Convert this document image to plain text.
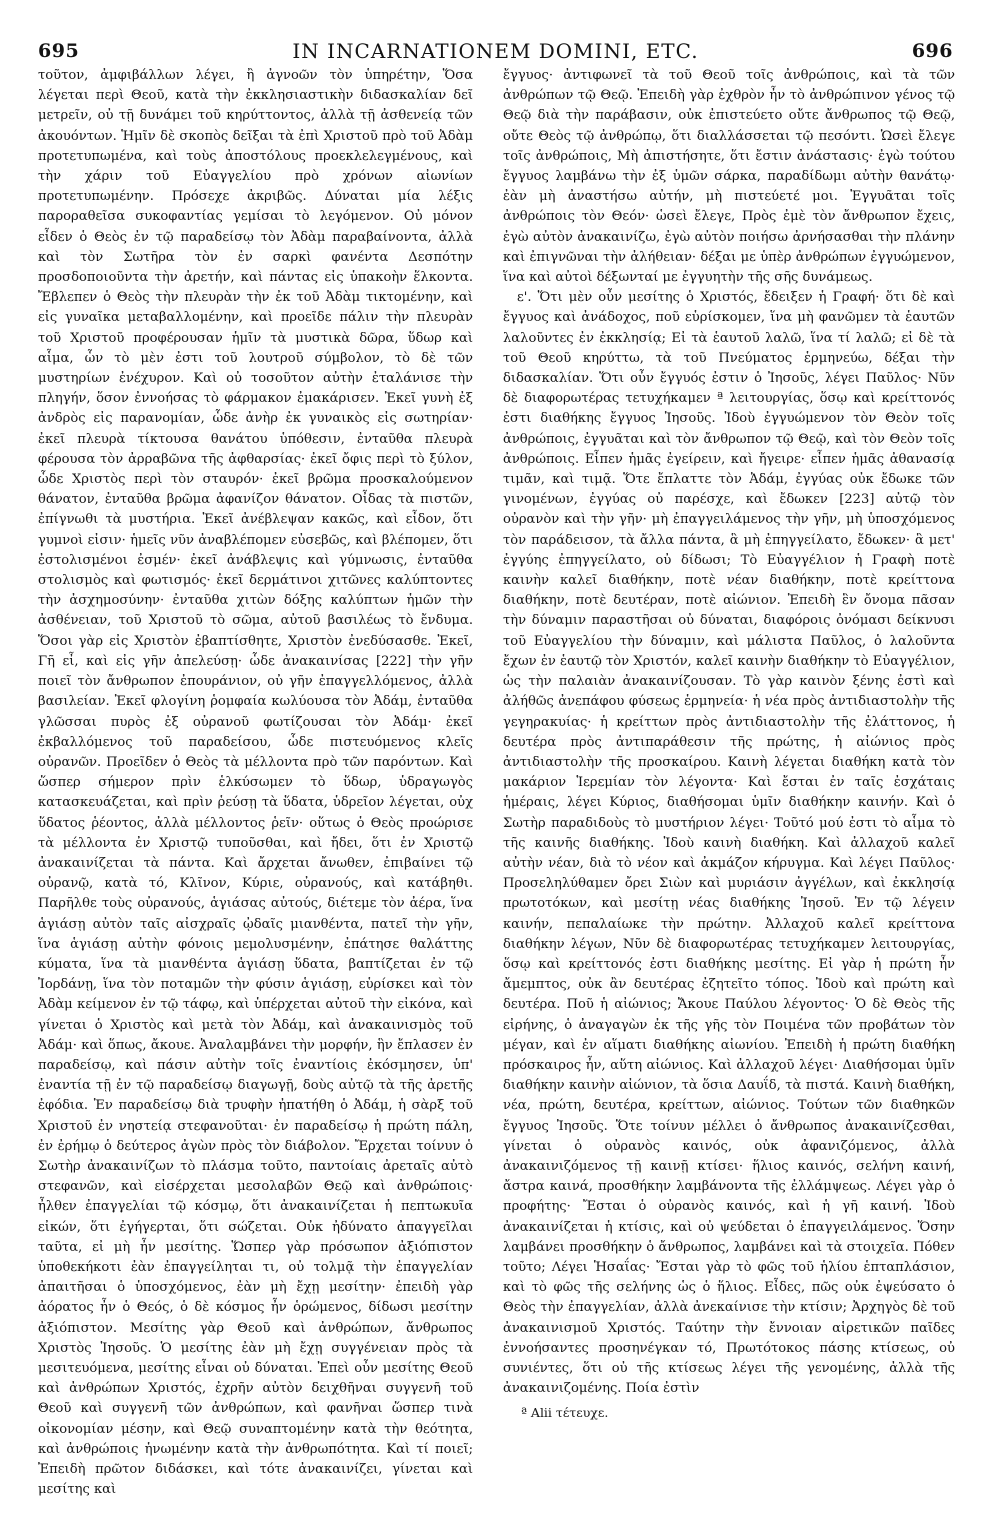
695	IN INCARNATIONEM DOMINI, ETC.	696

τοῦτον, ἀμφιβάλλων λέγει, ἢ ἀγνοῶν τὸν ὑπηρέτην, Ὅσα λέγεται περὶ Θεοῦ, κατὰ τὴν ἐκκλησιαστικὴν διδασκαλίαν δεῖ μετρεῖν, οὐ τῇ δυνάμει τοῦ κηρύττοντος, ἀλλὰ τῇ ἀσθενείᾳ τῶν ἀκουόντων. Ἡμῖν δὲ σκοπὸς δεῖξαι τὰ ἐπὶ Χριστοῦ πρὸ τοῦ Ἀδὰμ προτετυπωμένα, καὶ τοὺς ἀποστόλους προεκλελεγμένους, καὶ τὴν χάριν τοῦ Εὐαγγελίου πρὸ χρόνων αἰωνίων προτετυπωμένην. Πρόσεχε ἀκριβῶς. Δύναται μία λέξις παροραθεῖσα συκοφαντίας γεμίσαι τὸ λεγόμενον. Οὐ μόνον εἶδεν ὁ Θεὸς ἐν τῷ παραδείσῳ τὸν Ἀδὰμ παραβαίνοντα, ἀλλὰ καὶ τὸν Σωτῆρα τὸν ἐν σαρκὶ φανέντα Δεσπότην προσδοποιοῦντα τὴν ἀρετήν, καὶ πάντας εἰς ὑπακοὴν ἕλκοντα. Ἔβλεπεν ὁ Θεὸς τὴν πλευρὰν τὴν ἐκ τοῦ Ἀδὰμ τικτομένην, καὶ εἰς γυναῖκα μεταβαλλομένην, καὶ προεῖδε πάλιν τὴν πλευρὰν τοῦ Χριστοῦ προφέρουσαν ἡμῖν τὰ μυστικὰ δῶρα, ὕδωρ καὶ αἷμα, ὧν τὸ μὲν ἐστι τοῦ λουτροῦ σύμβολον, τὸ δὲ τῶν μυστηρίων ἐνέχυρον. Καὶ οὐ τοσοῦτον αὐτὴν ἐταλάνισε τὴν πληγήν, ὅσον ἐννοήσας τὸ φάρμακον ἐμακάρισεν. Ἐκεῖ γυνὴ ἐξ ἀνδρὸς εἰς παρανομίαν, ὧδε ἀνὴρ ἐκ γυναικὸς εἰς σωτηρίαν· ἐκεῖ πλευρὰ τίκτουσα θανάτου ὑπόθεσιν, ἐνταῦθα πλευρὰ φέρουσα τὸν ἀρραβῶνα τῆς ἀφθαρσίας· ἐκεῖ ὄφις περὶ τὸ ξύλον, ὧδε Χριστὸς περὶ τὸν σταυρόν· ἐκεῖ βρῶμα προσκαλούμενον θάνατον, ἐνταῦθα βρῶμα ἀφανίζον θάνατον. Οἶδας τὰ πιστῶν, ἐπίγνωθι τὰ μυστήρια. Ἐκεῖ ἀνέβλεψαν κακῶς, καὶ εἶδον, ὅτι γυμνοὶ εἰσιν· ἡμεῖς νῦν ἀναβλέπομεν εὐσεβῶς, καὶ βλέπομεν, ὅτι ἐστολισμένοι ἐσμέν· ἐκεῖ ἀνάβλεψις καὶ γύμνωσις, ἐνταῦθα στολισμὸς καὶ φωτισμός· ἐκεῖ δερμάτινοι χιτῶνες καλύπτοντες τὴν ἀσχημοσύνην· ἐνταῦθα χιτὼν δόξης καλύπτων ἡμῶν τὴν ἀσθένειαν, τοῦ Χριστοῦ τὸ σῶμα, αὐτοῦ βασιλέως τὸ ἔνδυμα. Ὅσοι γὰρ εἰς Χριστὸν ἐβαπτίσθητε, Χριστὸν ἐνεδύσασθε. Ἐκεῖ, Γῆ εἶ, καὶ εἰς γῆν ἀπελεύσῃ· ὧδε ἀνακαινίσας [222] τὴν γῆν ποιεῖ τὸν ἄνθρωπον ἐπουράνιον, οὐ γῆν ἐπαγγελλόμενος, ἀλλὰ βασιλείαν. Ἐκεῖ φλογίνη ῥομφαία κωλύουσα τὸν Ἀδάμ, ἐνταῦθα γλῶσσαι πυρὸς ἐξ οὐρανοῦ φωτίζουσαι τὸν Ἀδάμ· ἐκεῖ ἐκβαλλόμενος τοῦ παραδείσου, ὧδε πιστευόμενος κλεῖς οὐρανῶν. Προεῖδεν ὁ Θεὸς τὰ μέλλοντα πρὸ τῶν παρόντων. Καὶ ὥσπερ σήμερον πρὶν ἑλκύσωμεν τὸ ὕδωρ, ὑδραγωγὸς κατασκευάζεται, καὶ πρὶν ῥεύσῃ τὰ ὕδατα, ὑδρεῖον λέγεται, οὐχ ὕδατος ῥέοντος, ἀλλὰ μέλλοντος ῥεῖν· οὕτως ὁ Θεὸς προώρισε τὰ μέλλοντα ἐν Χριστῷ τυποῦσθαι, καὶ ἤδει, ὅτι ἐν Χριστῷ ἀνακαινίζεται τὰ πάντα. Καὶ ἄρχεται ἄνωθεν, ἐπιβαίνει τῷ οὐρανῷ, κατὰ τό, Κλῖνον, Κύριε, οὐρανούς, καὶ κατάβηθι. Παρῆλθε τοὺς οὐρανούς, ἁγιάσας αὐτούς, διέτεμε τὸν ἀέρα, ἵνα ἁγιάσῃ αὐτὸν ταῖς αἰσχραῖς ᾠδαῖς μιανθέντα, πατεῖ τὴν γῆν, ἵνα ἁγιάσῃ αὐτὴν φόνοις μεμολυσμένην, ἐπάτησε θαλάττης κύματα, ἵνα τὰ μιανθέντα ἁγιάσῃ ὕδατα, βαπτίζεται ἐν τῷ Ἰορδάνῃ, ἵνα τὸν ποταμῶν τὴν φύσιν ἁγιάσῃ, εὑρίσκει καὶ τὸν Ἀδὰμ κείμενον ἐν τῷ τάφῳ, καὶ ὑπέρχεται αὐτοῦ τὴν εἰκόνα, καὶ γίνεται ὁ Χριστὸς καὶ μετὰ τὸν Ἀδάμ, καὶ ἀνακαινισμὸς τοῦ Ἀδάμ· καὶ ὅπως, ἄκουε. Ἀναλαμβάνει τὴν μορφήν, ἣν ἔπλασεν ἐν παραδείσῳ, καὶ πάσιν αὐτὴν τοῖς ἐναντίοις ἐκόσμησεν, ὑπ' ἐναντία τῇ ἐν τῷ παραδείσῳ διαγωγῇ, δοὺς αὐτῷ τὰ τῆς ἀρετῆς ἐφόδια. Ἐν παραδείσῳ διὰ τρυφὴν ἠπατήθη ὁ Ἀδάμ, ἡ σὰρξ τοῦ Χριστοῦ ἐν νηστείᾳ στεφανοῦται· ἐν παραδείσῳ ἡ πρώτη πάλη, ἐν ἐρήμῳ ὁ δεύτερος ἀγὼν πρὸς τὸν διάβολον. Ἔρχεται τοίνυν ὁ Σωτὴρ ἀνακαινίζων τὸ πλάσμα τοῦτο, παντοίαις ἀρεταῖς αὐτὸ στεφανῶν, καὶ εἰσέρχεται μεσολαβῶν Θεῷ καὶ ἀνθρώποις· ἦλθεν ἐπαγγελίαι τῷ κόσμῳ, ὅτι ἀνακαινίζεται ἡ πεπτωκυῖα εἰκών, ὅτι ἐγήγερται, ὅτι σώζεται. Οὐκ ἠδύνατο ἀπαγγεῖλαι ταῦτα, εἰ μὴ ἦν μεσίτης. Ὥσπερ γὰρ πρόσωπον ἀξιόπιστον ὑποθεκήκοτι ἐὰν ἐπαγγείληται τι, οὐ τολμᾷ τὴν ἐπαγγελίαν ἀπαιτῆσαι ὁ ὑποσχόμενος, ἐὰν μὴ ἔχῃ μεσίτην· ἐπειδὴ γὰρ ἀόρατος ἦν ὁ Θεός, ὁ δὲ κόσμος ἦν ὁρώμενος, δίδωσι μεσίτην ἀξιόπιστον. Μεσίτης γὰρ Θεοῦ καὶ ἀνθρώπων, ἄνθρωπος Χριστὸς Ἰησοῦς. Ὁ μεσίτης ἐὰν μὴ ἔχῃ συγγένειαν πρὸς τὰ μεσιτευόμενα, μεσίτης εἶναι οὐ δύναται. Ἐπεὶ οὖν μεσίτης Θεοῦ καὶ ἀνθρώπων Χριστός, ἐχρῆν αὐτὸν δειχθῆναι συγγενῆ τοῦ Θεοῦ καὶ συγγενῆ τῶν ἀνθρώπων, καὶ φανῆναι ὥσπερ τινὰ οἰκονομίαν μέσην, καὶ Θεῷ συναπτομένην κατὰ τὴν θεότητα, καὶ ἀνθρώποις ἡνωμένην κατὰ τὴν ἀνθρωπότητα. Καὶ τί ποιεῖ; Ἐπειδὴ πρῶτον διδάσκει, καὶ τότε ἀνακαινίζει, γίνεται καὶ μεσίτης καὶ

ἔγγυος· ἀντιφωνεῖ τὰ τοῦ Θεοῦ τοῖς ἀνθρώποις, καὶ τὰ τῶν ἀνθρώπων τῷ Θεῷ. Ἐπειδὴ γὰρ ἐχθρὸν ἦν τὸ ἀνθρώπινον γένος τῷ Θεῷ διὰ τὴν παράβασιν, οὐκ ἐπιστεύετο οὔτε ἄνθρωπος τῷ Θεῷ, οὔτε Θεὸς τῷ ἀνθρώπῳ, ὅτι διαλλάσσεται τῷ πεσόντι. Ὡσεὶ ἔλεγε τοῖς ἀνθρώποις, Μὴ ἀπιστήσητε, ὅτι ἔστιν ἀνάστασις· ἐγὼ τούτου ἔγγυος λαμβάνω τὴν ἐξ ὑμῶν σάρκα, παραδίδωμι αὐτὴν θανάτῳ· ἐὰν μὴ ἀναστήσω αὐτήν, μὴ πιστεύετέ μοι. Ἐγγυᾶται τοῖς ἀνθρώποις τὸν Θεόν· ὡσεὶ ἔλεγε, Πρὸς ἐμὲ τὸν ἄνθρωπον ἔχεις, ἐγὼ αὐτὸν ἀνακαινίζω, ἐγὼ αὐτὸν ποιήσω ἀρνήσασθαι τὴν πλάνην καὶ ἐπιγνῶναι τὴν ἀλήθειαν· δέξαι με ὑπὲρ ἀνθρώπων ἐγγυώμενον, ἵνα καὶ αὐτοὶ δέξωνταί με ἐγγυητὴν τῆς σῆς δυνάμεως.

ε'. Ὅτι μὲν οὖν μεσίτης ὁ Χριστός, ἔδειξεν ἡ Γραφή· ὅτι δὲ καὶ ἔγγυος καὶ ἀνάδοχος, ποῦ εὑρίσκομεν, ἵνα μὴ φανῶμεν τὰ ἑαυτῶν λαλοῦντες ἐν ἐκκλησίᾳ; Εἰ τὰ ἑαυτοῦ λαλῶ, ἵνα τί λαλῶ; εἰ δὲ τὰ τοῦ Θεοῦ κηρύττω, τὰ τοῦ Πνεύματος ἑρμηνεύω, δέξαι τὴν διδασκαλίαν. Ὅτι οὖν ἔγγυός ἐστιν ὁ Ἰησοῦς, λέγει Παῦλος· Νῦν δὲ διαφορωτέρας τετυχήκαμεν ª λειτουργίας, ὅσῳ καὶ κρείττονός ἐστι διαθήκης ἔγγυος Ἰησοῦς. Ἰδοὺ ἐγγυώμενον τὸν Θεὸν τοῖς ἀνθρώποις, ἐγγυᾶται καὶ τὸν ἄνθρωπον τῷ Θεῷ, καὶ τὸν Θεὸν τοῖς ἀνθρώποις. Εἶπεν ἡμᾶς ἐγείρειν, καὶ ἤγειρε· εἶπεν ἡμᾶς ἀθανασίᾳ τιμᾶν, καὶ τιμᾷ. Ὅτε ἔπλαττε τὸν Ἀδάμ, ἐγγύας οὐκ ἔδωκε τῶν γινομένων, ἐγγύας οὐ παρέσχε, καὶ ἔδωκεν [223] αὐτῷ τὸν οὐρανὸν καὶ τὴν γῆν· μὴ ἐπαγγειλάμενος τὴν γῆν, μὴ ὑποσχόμενος τὸν παράδεισον, τὰ ἄλλα πάντα, ἃ μὴ ἐπηγγείλατο, ἔδωκεν· ἃ μετ' ἐγγύης ἐπηγγείλατο, οὐ δίδωσι; Τὸ Εὐαγγέλιον ἡ Γραφὴ ποτὲ καινὴν καλεῖ διαθήκην, ποτὲ νέαν διαθήκην, ποτὲ κρείττονα διαθήκην, ποτὲ δευτέραν, ποτὲ αἰώνιον. Ἐπειδὴ ἓν ὄνομα πᾶσαν τὴν δύναμιν παραστῆσαι οὐ δύναται, διαφόροις ὀνόμασι δείκνυσι τοῦ Εὐαγγελίου τὴν δύναμιν, καὶ μάλιστα Παῦλος, ὁ λαλοῦντα ἔχων ἐν ἑαυτῷ τὸν Χριστόν, καλεῖ καινὴν διαθήκην τὸ Εὐαγγέλιον, ὡς τὴν παλαιὰν ἀνακαινίζουσαν. Τὸ γὰρ καινὸν ξένης ἐστὶ καὶ ἀλήθῶς ἀνεπάφου φύσεως ἑρμηνεία· ἡ νέα πρὸς ἀντιδιαστολὴν τῆς γεγηρακυίας· ἡ κρείττων πρὸς ἀντιδιαστολὴν τῆς ἐλάττονος, ἡ δευτέρα πρὸς ἀντιπαράθεσιν τῆς πρώτης, ἡ αἰώνιος πρὸς ἀντιδιαστολὴν τῆς προσκαίρου. Καινὴ λέγεται διαθήκη κατὰ τὸν μακάριον Ἱερεμίαν τὸν λέγοντα· Καὶ ἔσται ἐν ταῖς ἐσχάταις ἡμέραις, λέγει Κύριος, διαθήσομαι ὑμῖν διαθήκην καινήν. Καὶ ὁ Σωτὴρ παραδιδοὺς τὸ μυστήριον λέγει· Τοῦτό μού ἐστι τὸ αἷμα τὸ τῆς καινῆς διαθήκης. Ἰδοὺ καινὴ διαθήκη. Καὶ ἀλλαχοῦ καλεῖ αὐτὴν νέαν, διὰ τὸ νέον καὶ ἀκμάζον κήρυγμα. Καὶ λέγει Παῦλος· Προσεληλύθαμεν ὄρει Σιὼν καὶ μυριάσιν ἀγγέλων, καὶ ἐκκλησίᾳ πρωτοτόκων, καὶ μεσίτῃ νέας διαθήκης Ἰησοῦ. Ἐν τῷ λέγειν καινήν, πεπαλαίωκε τὴν πρώτην. Ἀλλαχοῦ καλεῖ κρείττονα διαθήκην λέγων, Νῦν δὲ διαφορωτέρας τετυχήκαμεν λειτουργίας, ὅσῳ καὶ κρείττονός ἐστι διαθήκης μεσίτης. Εἰ γὰρ ἡ πρώτη ἦν ἄμεμπτος, οὐκ ἂν δευτέρας ἐζητεῖτο τόπος. Ἰδοὺ καὶ πρώτη καὶ δευτέρα. Ποῦ ἡ αἰώνιος; Ἄκουε Παύλου λέγοντος· Ὁ δὲ Θεὸς τῆς εἰρήνης, ὁ ἀναγαγὼν ἐκ τῆς γῆς τὸν Ποιμένα τῶν προβάτων τὸν μέγαν, καὶ ἐν αἵματι διαθήκης αἰωνίου. Ἐπειδὴ ἡ πρώτη διαθήκη πρόσκαιρος ἦν, αὕτη αἰώνιος. Καὶ ἀλλαχοῦ λέγει· Διαθήσομαι ὑμῖν διαθήκην καινὴν αἰώνιον, τὰ ὅσια Δαυΐδ, τὰ πιστά. Καινὴ διαθήκη, νέα, πρώτη, δευτέρα, κρείττων, αἰώνιος. Τούτων τῶν διαθηκῶν ἔγγυος Ἰησοῦς. Ὅτε τοίνυν μέλλει ὁ ἄνθρωπος ἀνακαινίζεσθαι, γίνεται ὁ οὐρανὸς καινός, οὐκ ἀφανιζόμενος, ἀλλὰ ἀνακαινιζόμενος τῇ καινῇ κτίσει· ἥλιος καινός, σελήνη καινή, ἄστρα καινά, προσθήκην λαμβάνοντα τῆς ἐλλάμψεως. Λέγει γὰρ ὁ προφήτης· Ἔσται ὁ οὐρανὸς καινός, καὶ ἡ γῆ καινή. Ἰδοὺ ἀνακαινίζεται ἡ κτίσις, καὶ οὐ ψεύδεται ὁ ἐπαγγειλάμενος. Ὅσην λαμβάνει προσθήκην ὁ ἄνθρωπος, λαμβάνει καὶ τὰ στοιχεῖα. Πόθεν τοῦτο; Λέγει Ἡσαΐας· Ἔσται γὰρ τὸ φῶς τοῦ ἡλίου ἑπταπλάσιον, καὶ τὸ φῶς τῆς σελήνης ὡς ὁ ἥλιος. Εἶδες, πῶς οὐκ ἐψεύσατο ὁ Θεὸς τὴν ἐπαγγελίαν, ἀλλὰ ἀνεκαίνισε τὴν κτίσιν; Ἀρχηγὸς δὲ τοῦ ἀνακαινισμοῦ Χριστός. Ταύτην τὴν ἔννοιαν αἱρετικῶν παῖδες ἐννοήσαντες προσηνέγκαν τό, Πρωτότοκος πάσης κτίσεως, οὐ συνιέντες, ὅτι οὐ τῆς κτίσεως λέγει τῆς γενομένης, ἀλλὰ τῆς ἀνακαινιζομένης. Ποία ἐστὶν

ª Alii τέτευχε.
